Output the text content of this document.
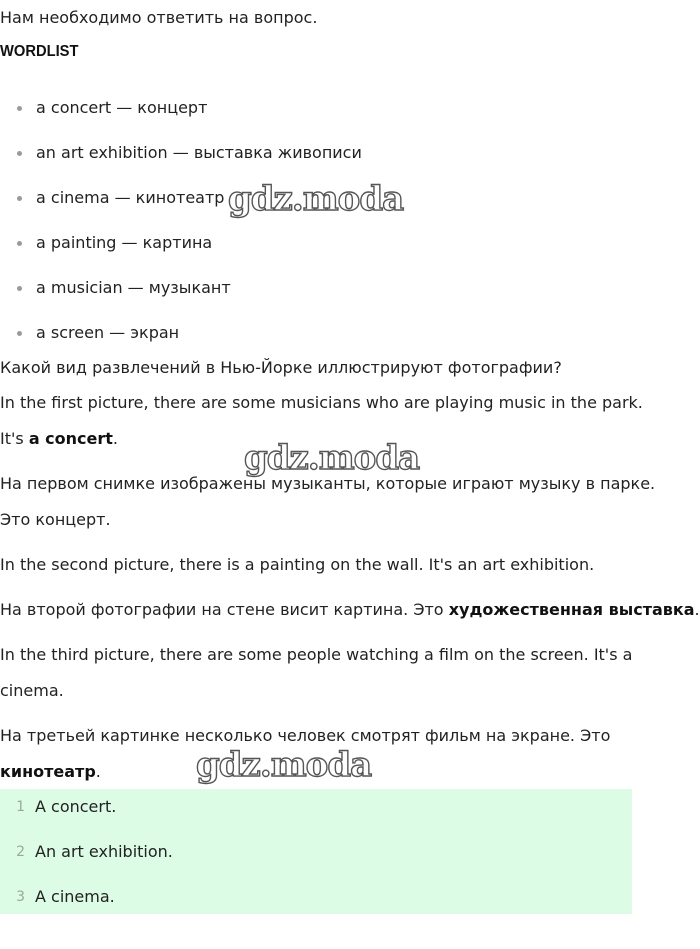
Нам необходимо ответить на вопрос.

WORDLIST
a concert — концерт
an art exhibition — выставка живописи
a cinema — кинотеатр
a painting — картина
a musician — музыкант
a screen — экран

Какой вид развлечений в Нью-Йорке иллюстрируют фотографии?

In the first picture, there are some musicians who are playing music in the park.

It's a concert.

На первом снимке изображены музыканты, которые играют музыку в парке.

Это концерт.

In the second picture, there is a painting on the wall. It's an art exhibition.

На второй фотографии на стене висит картина. Это художественная выставка.

In the third picture, there are some people watching a film on the screen. It's a

cinema.

На третьей картинке несколько человек смотрят фильм на экране. Это

кинотеатр.

1 A concert.
2 An art exhibition.
3 A cinema.
gdz.moda
gdz.moda
gdz.moda
